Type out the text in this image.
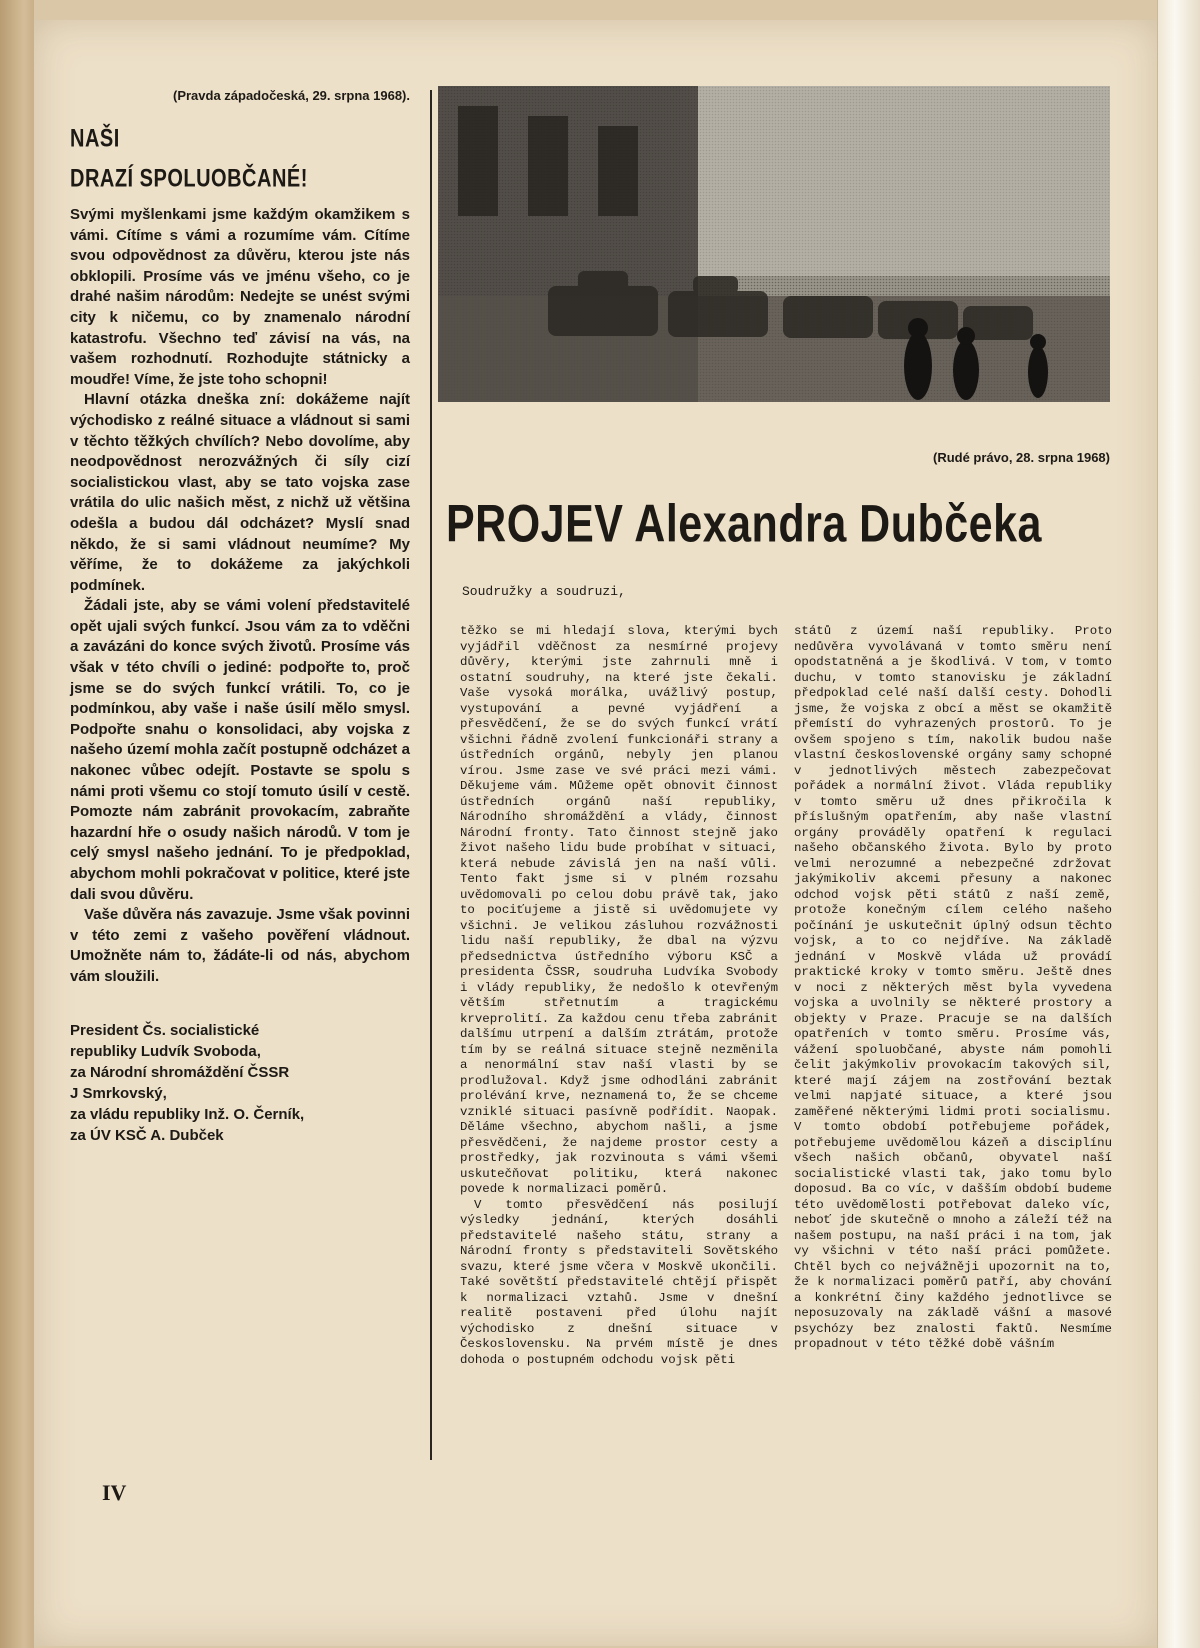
(Pravda západočeská, 29. srpna 1968).
NAŠI
DRAZÍ SPOLUOBČANÉ!

Svými myšlenkami jsme každým okamžikem s vámi. Cítíme s vámi a rozumíme vám. Cítíme svou odpovědnost za důvěru, kterou jste nás obklopili. Prosíme vás ve jménu všeho, co je drahé našim národům: Nedejte se unést svými city k ničemu, co by znamenalo národní katastrofu. Všechno teď závisí na vás, na vašem rozhodnutí. Rozhodujte státnicky a moudře! Víme, že jste toho schopni!

Hlavní otázka dneška zní: dokážeme najít východisko z reálné situace a vládnout si sami v těchto těžkých chvílích? Nebo dovolíme, aby neodpovědnost nerozvážných či síly cizí socialistickou vlast, aby se tato vojska zase vrátila do ulic našich měst, z nichž už většina odešla a budou dál odcházet? Myslí snad někdo, že si sami vládnout neumíme? My věříme, že to dokážeme za jakýchkoli podmínek.

Žádali jste, aby se vámi volení představitelé opět ujali svých funkcí. Jsou vám za to vděčni a zavázáni do konce svých životů. Prosíme vás však v této chvíli o jediné: podpořte to, proč jsme se do svých funkcí vrátili. To, co je podmínkou, aby vaše i naše úsilí mělo smysl. Podpořte snahu o konsolidaci, aby vojska z našeho území mohla začít postupně odcházet a nakonec vůbec odejít. Postavte se spolu s námi proti všemu co stojí tomuto úsilí v cestě. Pomozte nám zabránit provokacím, zabraňte hazardní hře o osudy našich národů. V tom je celý smysl našeho jednání. To je předpoklad, abychom mohli pokračovat v politice, které jste dali svou důvěru.

Vaše důvěra nás zavazuje. Jsme však povinni v této zemi z vašeho pověření vládnout. Umožněte nám to, žádáte-li od nás, abychom vám sloužili.

President Čs. socialistické
republiky Ludvík Svoboda,
za Národní shromáždění ČSSR
J Smrkovský,
za vládu republiky Inž. O. Černík,
za ÚV KSČ A. Dubček
(Rudé právo, 28. srpna 1968)
PROJEV Alexandra Dubčeka
Soudružky a soudruzi,

těžko se mi hledají slova, kterými bych vyjádřil vděčnost za nesmírné projevy důvěry, kterými jste zahrnuli mně i ostatní soudruhy, na které jste čekali. Vaše vysoká morálka, uvážlivý postup, vystupování a pevné vyjádření a přesvědčení, že se do svých funkcí vrátí všichni řádně zvolení funkcionáři strany a ústředních orgánů, nebyly jen planou vírou. Jsme zase ve své práci mezi vámi. Děkujeme vám. Můžeme opět obnovit činnost ústředních orgánů naší republiky, Národního shromáždění a vlády, činnost Národní fronty. Tato činnost stejně jako život našeho lidu bude probíhat v situaci, která nebude závislá jen na naší vůli. Tento fakt jsme si v plném rozsahu uvědomovali po celou dobu právě tak, jako to pociťujeme a jistě si uvědomujete vy všichni. Je velikou zásluhou rozvážnosti lidu naší republiky, že dbal na výzvu předsednictva ústředního výboru KSČ a presidenta ČSSR, soudruha Ludvíka Svobody i vlády republiky, že nedošlo k otevřeným větším střetnutím a tragickému krveprolití. Za každou cenu třeba zabránit dalšímu utrpení a dalším ztrátám, protože tím by se reálná situace stejně nezměnila a nenormální stav naší vlasti by se prodlužoval. Když jsme odhodláni zabránit prolévání krve, neznamená to, že se chceme vzniklé situaci pasívně podřídit. Naopak. Děláme všechno, abychom našli, a jsme přesvědčeni, že najdeme prostor cesty a prostředky, jak rozvinouta s vámi všemi uskutečňovat politiku, která nakonec povede k normalizaci poměrů.

V tomto přesvědčení nás posilují výsledky jednání, kterých dosáhli představitelé našeho státu, strany a Národní fronty s představiteli Sovětského svazu, které jsme včera v Moskvě ukončili. Také sovětští představitelé chtějí přispět k normalizaci vztahů. Jsme v dnešní realitě postaveni před úlohu najít východisko z dnešní situace v Československu. Na prvém místě je dnes dohoda o postupném odchodu vojsk pěti

států z území naší republiky. Proto nedůvěra vyvolávaná v tomto směru není opodstatněná a je škodlivá. V tom, v tomto duchu, v tomto stanovisku je základní předpoklad celé naší další cesty. Dohodli jsme, že vojska z obcí a měst se okamžitě přemístí do vyhrazených prostorů. To je ovšem spojeno s tím, nakolik budou naše vlastní československé orgány samy schopné v jednotlivých městech zabezpečovat pořádek a normální život. Vláda republiky v tomto směru už dnes přikročila k příslušným opatřením, aby naše vlastní orgány prováděly opatření k regulaci našeho občanského života. Bylo by proto velmi nerozumné a nebezpečné zdržovat jakýmikoliv akcemi přesuny a nakonec odchod vojsk pěti států z naší země, protože konečným cílem celého našeho počínání je uskutečnit úplný odsun těchto vojsk, a to co nejdříve. Na základě jednání v Moskvě vláda už provádí praktické kroky v tomto směru. Ještě dnes v noci z některých měst byla vyvedena vojska a uvolnily se některé prostory a objekty v Praze. Pracuje se na dalších opatřeních v tomto směru. Prosíme vás, vážení spoluobčané, abyste nám pomohli čelit jakýmkoliv provokacím takových sil, které mají zájem na zostřování beztak velmi napjaté situace, a které jsou zaměřené některými lidmi proti socialismu. V tomto období potřebujeme pořádek, potřebujeme uvědomělou kázeň a disciplínu všech našich občanů, obyvatel naší socialistické vlasti tak, jako tomu bylo doposud. Ba co víc, v dašším období budeme této uvědomělosti potřebovat daleko víc, neboť jde skutečně o mnoho a záleží též na našem postupu, na naší práci i na tom, jak vy všichni v této naší práci pomůžete. Chtěl bych co nejvážněji upozornit na to, že k normalizaci poměrů patří, aby chování a konkrétní činy každého jednotlivce se neposuzovaly na základě vášní a masové psychózy bez znalosti faktů. Nesmíme propadnout v této těžké době vášním

IV
